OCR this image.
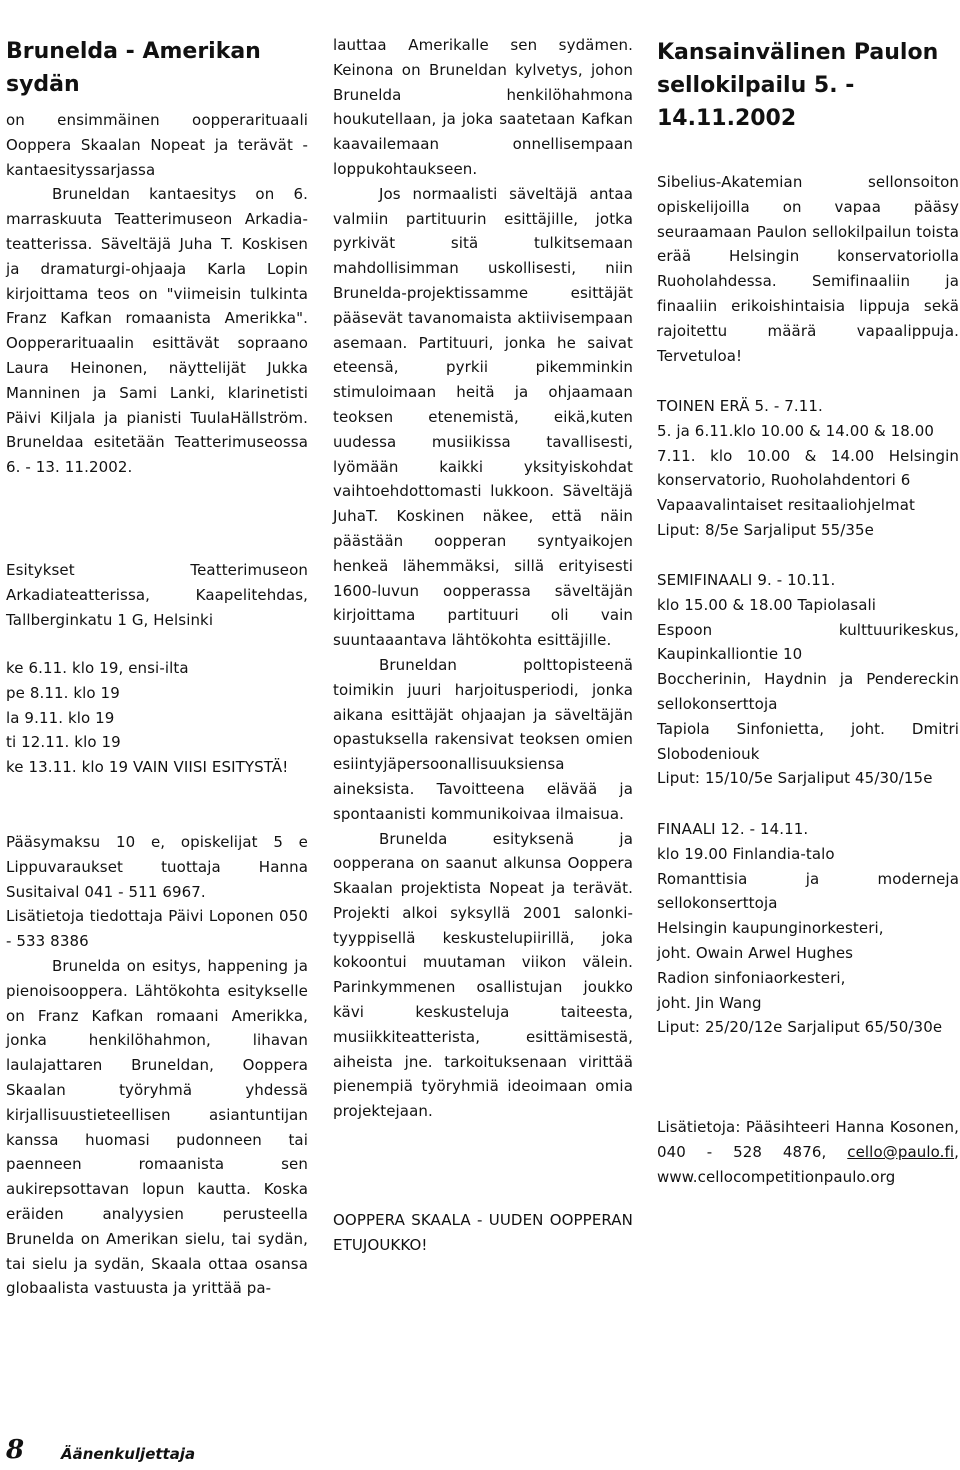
Brunelda - Amerikan sydän

on ensimmäinen oopperarituaali Ooppera Skaalan Nopeat ja terävät - kantaesityssarjassa

Bruneldan kantaesitys on 6. marraskuuta Teatterimuseon Arkadia-teatterissa. Säveltäjä Juha T. Koskisen ja dramaturgi-ohjaaja Karla Lopin kirjoittama teos on "viimeisin tulkinta Franz Kafkan romaanista Amerikka". Oopperarituaalin esittävät sopraano Laura Heinonen, näyttelijät Jukka Manninen ja Sami Lanki, klarinetisti Päivi Kiljala ja pianisti TuulaHällström. Bruneldaa esitetään Teatterimuseossa 6. - 13. 11.2002.

Esitykset Teatterimuseon Arkadiateatterissa, Kaapelitehdas, Tallberginkatu 1 G, Helsinki

ke 6.11. klo 19, ensi-ilta

pe 8.11. klo 19

la 9.11. klo 19

ti 12.11. klo 19

ke 13.11. klo 19 VAIN VIISI ESITYSTÄ!

Pääsymaksu 10 e, opiskelijat 5 e Lippuvaraukset tuottaja Hanna Susitaival 041 - 511 6967.

Lisätietoja tiedottaja Päivi Loponen 050 - 533 8386

Brunelda on esitys, happening ja pienoisooppera. Lähtökohta esitykselle on Franz Kafkan romaani Amerikka, jonka henkilöhahmon, lihavan laulajattaren Bruneldan, Ooppera Skaalan työryhmä yhdessä kirjallisuustieteellisen asiantuntijan kanssa huomasi pudonneen tai paenneen romaanista sen aukirepsottavan lopun kautta. Koska eräiden analyysien perusteella Brunelda on Amerikan sielu, tai sydän, tai sielu ja sydän, Skaala ottaa osansa globaalista vastuusta ja yrittää pa-

lauttaa Amerikalle sen sydämen. Keinona on Bruneldan kylvetys, johon Brunelda henkilöhahmona houkutellaan, ja joka saatetaan Kafkan kaavailemaan onnellisempaan loppukohtaukseen.

Jos normaalisti säveltäjä antaa valmiin partituurin esittäjille, jotka pyrkivät sitä tulkitsemaan mahdollisimman uskollisesti, niin Brunelda-projektissamme esittäjät pääsevät tavanomaista aktiivisempaan asemaan. Partituuri, jonka he saivat eteensä, pyrkii pikemminkin stimuloimaan heitä ja ohjaamaan teoksen etenemistä, eikä,kuten uudessa musiikissa tavallisesti, lyömään kaikki yksityiskohdat vaihtoehdottomasti lukkoon. Säveltäjä JuhaT. Koskinen näkee, että näin päästään oopperan syntyaikojen henkeä lähemmäksi, sillä erityisesti 1600-luvun oopperassa säveltäjän kirjoittama partituuri oli vain suuntaaantava lähtökohta esittäjille.

Bruneldan polttopisteenä toimikin juuri harjoitusperiodi, jonka aikana esittäjät ohjaajan ja säveltäjän opastuksella rakensivat teoksen omien esiintyjäpersoonallisuuksiensa aineksista. Tavoitteena elävää ja spontaanisti kommunikoivaa ilmaisua.

Brunelda esityksenä ja oopperana on saanut alkunsa Ooppera Skaalan projektista Nopeat ja terävät. Projekti alkoi syksyllä 2001 salonki-tyyppisellä keskustelupiirillä, joka kokoontui muutaman viikon välein. Parinkymmenen osallistujan joukko kävi keskusteluja taiteesta, musiikkiteatterista, esittämisestä, aiheista jne. tarkoituksenaan virittää pienempiä työryhmiä ideoimaan omia projektejaan.

OOPPERA SKAALA - UUDEN OOPPERAN ETUJOUKKO!

Kansainvälinen Paulon sellokilpailu 5. - 14.11.2002

Sibelius-Akatemian sellonsoiton opiskelijoilla on vapaa pääsy seuraamaan Paulon sellokilpailun toista erää Helsingin konservatoriolla Ruoholahdessa. Semifinaaliin ja finaaliin erikoishintaisia lippuja sekä rajoitettu määrä vapaalippuja. Tervetuloa!

TOINEN ERÄ 5. - 7.11.

5. ja 6.11.klo 10.00 & 14.00 & 18.00

7.11. klo 10.00 & 14.00 Helsingin konservatorio, Ruoholahdentori 6

Vapaavalintaiset resitaaliohjelmat

Liput: 8/5e Sarjaliput 55/35e

SEMIFINAALI 9. - 10.11.

klo 15.00 & 18.00 Tapiolasali

Espoon kulttuurikeskus, Kaupinkalliontie 10

Boccherinin, Haydnin ja Pendereckin sellokonserttoja

Tapiola Sinfonietta, joht. Dmitri Slobodeniouk

Liput: 15/10/5e Sarjaliput 45/30/15e

FINAALI 12. - 14.11.

klo 19.00 Finlandia-talo

Romanttisia ja moderneja sellokonserttoja

Helsingin kaupunginorkesteri,

joht. Owain Arwel Hughes

Radion sinfoniaorkesteri,

joht. Jin Wang

Liput: 25/20/12e Sarjaliput 65/50/30e

Lisätietoja: Pääsihteeri Hanna Kosonen, 040 - 528 4876, cello@paulo.fi, www.cellocompetitionpaulo.org

8 Äänenkuljettaja
